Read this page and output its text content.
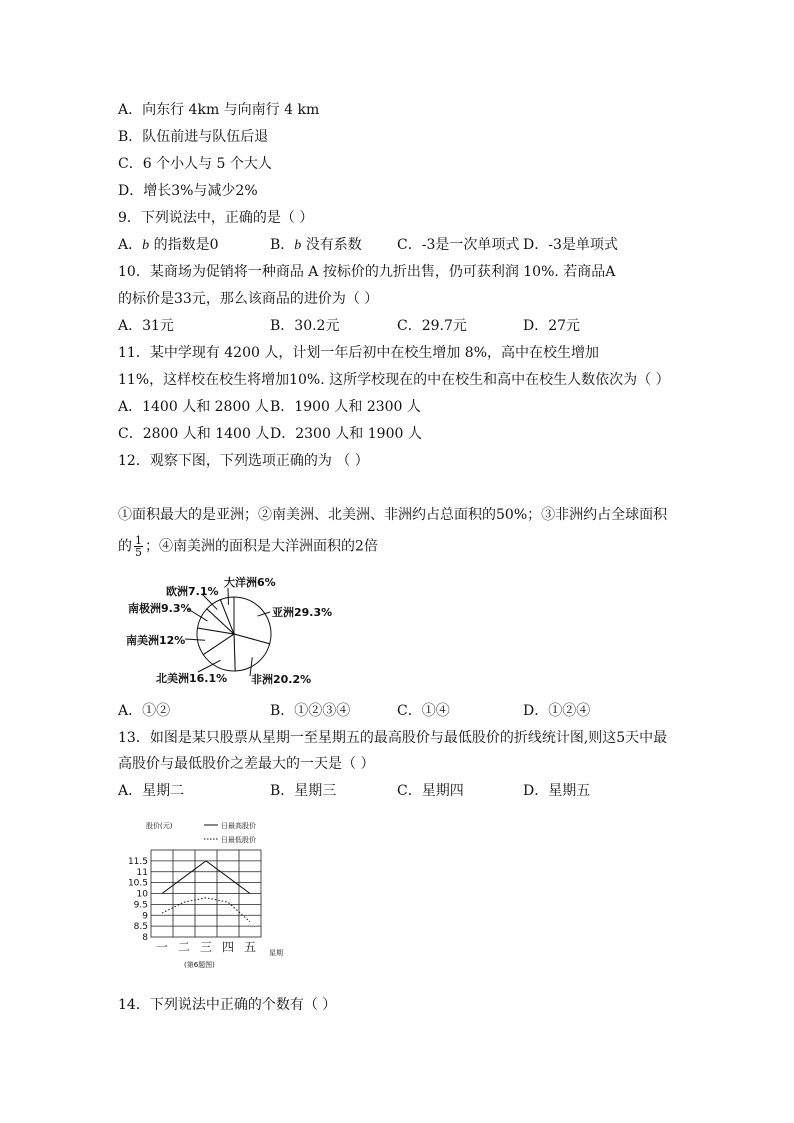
A．向东行 4km 与向南行 4 km
B．队伍前进与队伍后退
C．6 个小人与 5 个大人
D．增长3%与减少2%
9．下列说法中，正确的是（ ）
A．b 的指数是0	B．b 没有系数	C．-3是一次单项式 D．-3是单项式
10．某商场为促销将一种商品 A 按标价的九折出售，仍可获利润 10%. 若商品A
的标价是33元，那么该商品的进价为（ ）
A．31元	B．30.2元	C．29.7元	D．27元
11．某中学现有 4200 人，计划一年后初中在校生增加 8%，高中在校生增加
11%，这样校在校生将增加10%. 这所学校现在的中在校生和高中在校生人数依次为（ ）
A．1400 人和 2800 人 B．1900 人和 2300 人
C．2800 人和 1400 人 D．2300 人和 1900 人
12．观察下图，下列选项正确的为 （ ）
①面积最大的是亚洲；②南美洲、北美洲、非洲约占总面积的50%；③非洲约占全球面积
的 $\frac{1}{5}$ ；④南美洲的面积是大洋洲面积的2倍
大洋洲6%
亚洲29.3%
非洲20.2%
北美洲16.1%
南美洲12%
南极洲9.3%
欧洲7.1%
A．①②	B．①②③④	C．①④	D．①②④
13．如图是某只股票从星期一至星期五的最高股价与最低股价的折线统计图,则这5天中最
高股价与最低股价之差最大的一天是（ ）
A．星期二	B．星期三	C．星期四	D．星期五
11.5
11
10.5
10
9.5
9
8.5
8
一 二 三 四 五
股价(元)	日最高股价
日最低股价
星期
(第6题图)
14．下列说法中正确的个数有（ ）
